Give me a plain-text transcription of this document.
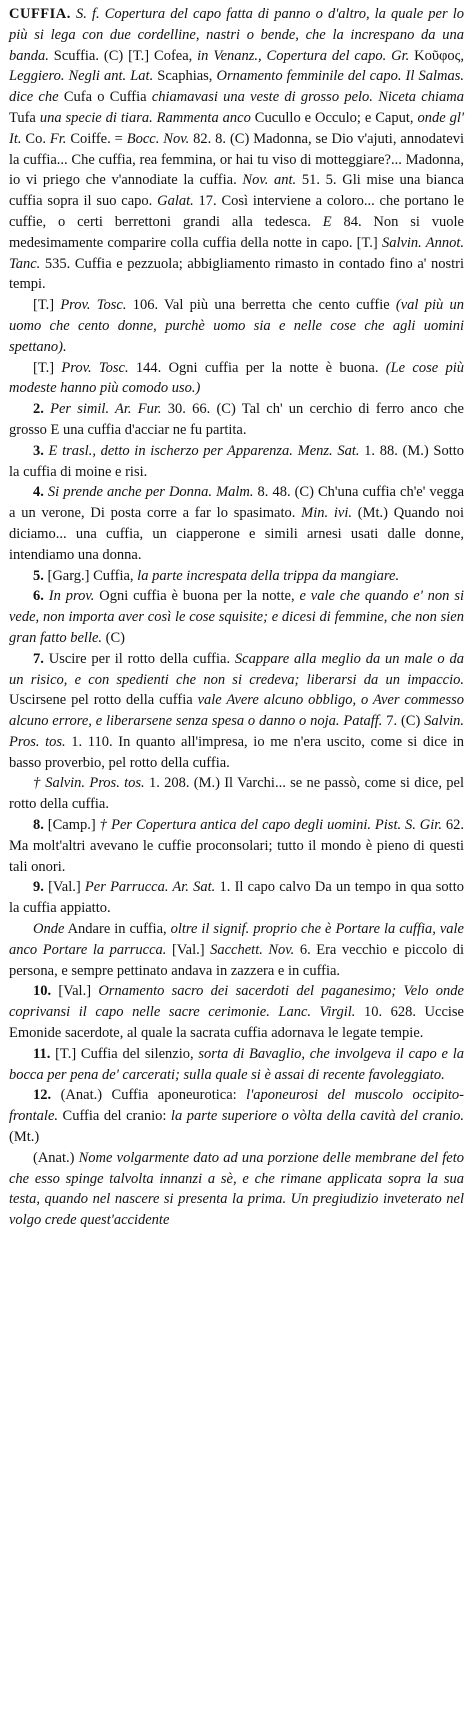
CUFFIA. S. f. Copertura del capo fatta di panno o d'altro, la quale per lo più si lega con due cordelline, nastri o bende, che la increspano da una banda. Scuffia. (C) [T.] Cofea, in Venanz., Copertura del capo. Gr. Κοῦφος, Leggiero. Negli ant. Lat. Scaphias, Ornamento femminile del capo. Il Salmas. dice che Cufa o Cuffia chiamavasi una veste di grosso pelo. Niceta chiama Tufa una specie di tiara. Rammenta anco Cucullo e Occulo; e Caput, onde gl' It. Co. Fr. Coiffe. = Bocc. Nov. 82. 8. (C) Madonna, se Dio v'ajuti, annodatevi la cuffia... Che cuffia, rea femmina, or hai tu viso di motteggiare?... Madonna, io vi priego che v'annodiate la cuffia. Nov. ant. 51. 5. Gli mise una bianca cuffia sopra il suo capo. Galat. 17. Così interviene a coloro... che portano le cuffie, o certi berrettoni grandi alla tedesca. E 84. Non si vuole medesimamente comparire colla cuffia della notte in capo. [T.] Salvin. Annot. Tanc. 535. Cuffia e pezzuola; abbigliamento rimasto in contado fino a' nostri tempi.

[T.] Prov. Tosc. 106. Val più una berretta che cento cuffie (val più un uomo che cento donne, purchè uomo sia e nelle cose che agli uomini spettano).

[T.] Prov. Tosc. 144. Ogni cuffia per la notte è buona. (Le cose più modeste hanno più comodo uso.)

2. Per simil. Ar. Fur. 30. 66. (C) Tal ch' un cerchio di ferro anco che grosso E una cuffia d'acciar ne fu partita.

3. E trasl., detto in ischerzo per Apparenza. Menz. Sat. 1. 88. (M.) Sotto la cuffia di moine e risi.

4. Si prende anche per Donna. Malm. 8. 48. (C) Ch'una cuffia ch'e' vegga a un verone, Di posta corre a far lo spasimato. Min. ivi. (Mt.) Quando noi diciamo... una cuffia, un ciapperone e simili arnesi usati dalle donne, intendiamo una donna.

5. [Garg.] Cuffia, la parte increspata della trippa da mangiare.

6. In prov. Ogni cuffia è buona per la notte, e vale che quando e' non si vede, non importa aver così le cose squisite; e dicesi di femmine, che non sien gran fatto belle. (C)

7. Uscire per il rotto della cuffia. Scappare alla meglio da un male o da un risico, e con spedienti che non si credeva; liberarsi da un impaccio. Uscirsene pel rotto della cuffia vale Avere alcuno obbligo, o Aver commesso alcuno errore, e liberarsene senza spesa o danno o noja. Pataff. 7. (C) Salvin. Pros. tos. 1. 110. In quanto all'impresa, io me n'era uscito, come si dice in basso proverbio, pel rotto della cuffia.

† Salvin. Pros. tos. 1. 208. (M.) Il Varchi... se ne passò, come si dice, pel rotto della cuffia.

8. [Camp.] † Per Copertura antica del capo degli uomini. Pist. S. Gir. 62. Ma molt'altri avevano le cuffie proconsolari; tutto il mondo è pieno di questi tali onori.

9. [Val.] Per Parrucca. Ar. Sat. 1. Il capo calvo Da un tempo in qua sotto la cuffia appiatto.

Onde Andare in cuffia, oltre il signif. proprio che è Portare la cuffia, vale anco Portare la parrucca. [Val.] Sacchett. Nov. 6. Era vecchio e piccolo di persona, e sempre pettinato andava in zazzera e in cuffia.

10. [Val.] Ornamento sacro dei sacerdoti del paganesimo; Velo onde coprivansi il capo nelle sacre cerimonie. Lanc. Virgil. 10. 628. Uccise Emonide sacerdote, al quale la sacrata cuffia adornava le legate tempie.

11. [T.] Cuffia del silenzio, sorta di Bavaglio, che involgeva il capo e la bocca per pena de' carcerati; sulla quale si è assai di recente favoleggiato.

12. (Anat.) Cuffia aponeurotica: l'aponeurosi del muscolo occipito-frontale. Cuffia del cranio: la parte superiore o vòlta della cavità del cranio. (Mt.)

(Anat.) Nome volgarmente dato ad una porzione delle membrane del feto che esso spinge talvolta innanzi a sè, e che rimane applicata sopra la sua testa, quando nel nascere si presenta la prima. Un pregiudizio inveterato nel volgo crede quest'accidente
